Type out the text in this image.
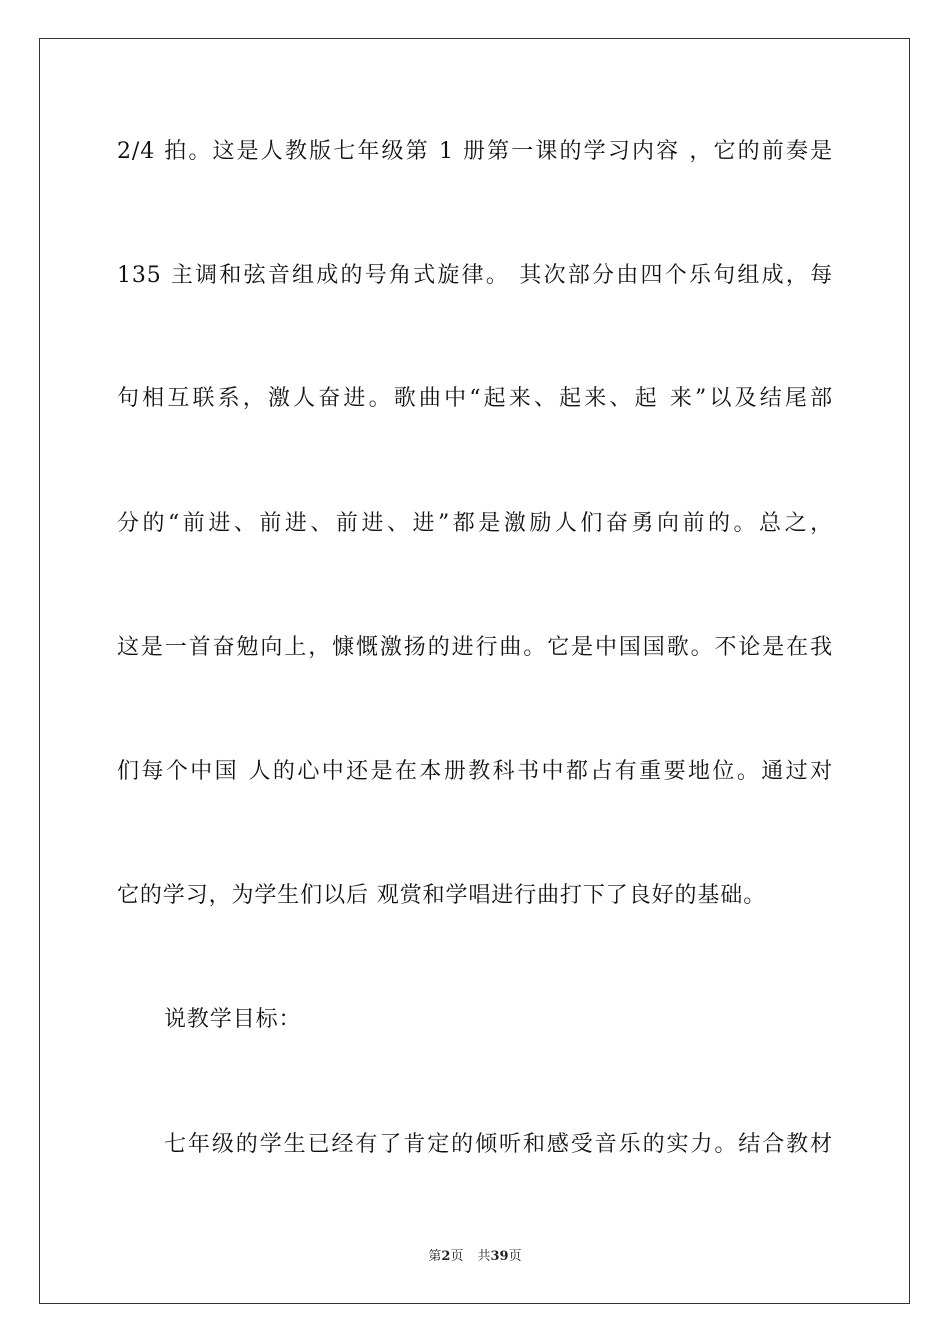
2/4 拍。这是人教版七年级第 1 册第一课的学习内容 ，它的前奏是
135 主调和弦音组成的号角式旋律。 其次部分由四个乐句组成，每
句相互联系，激人奋进。歌曲中“起来、起来、起 来”以及结尾部
分的“前进、前进、前进、进”都是激励人们奋勇向前的。总之，
这是一首奋勉向上，慷慨激扬的进行曲。它是中国国歌。不论是在我
们每个中国 人的心中还是在本册教科书中都占有重要地位。通过对
它的学习，为学生们以后 观赏和学唱进行曲打下了良好的基础。
说教学目标：
七年级的学生已经有了肯定的倾听和感受音乐的实力。结合教材
第2页 共39页
